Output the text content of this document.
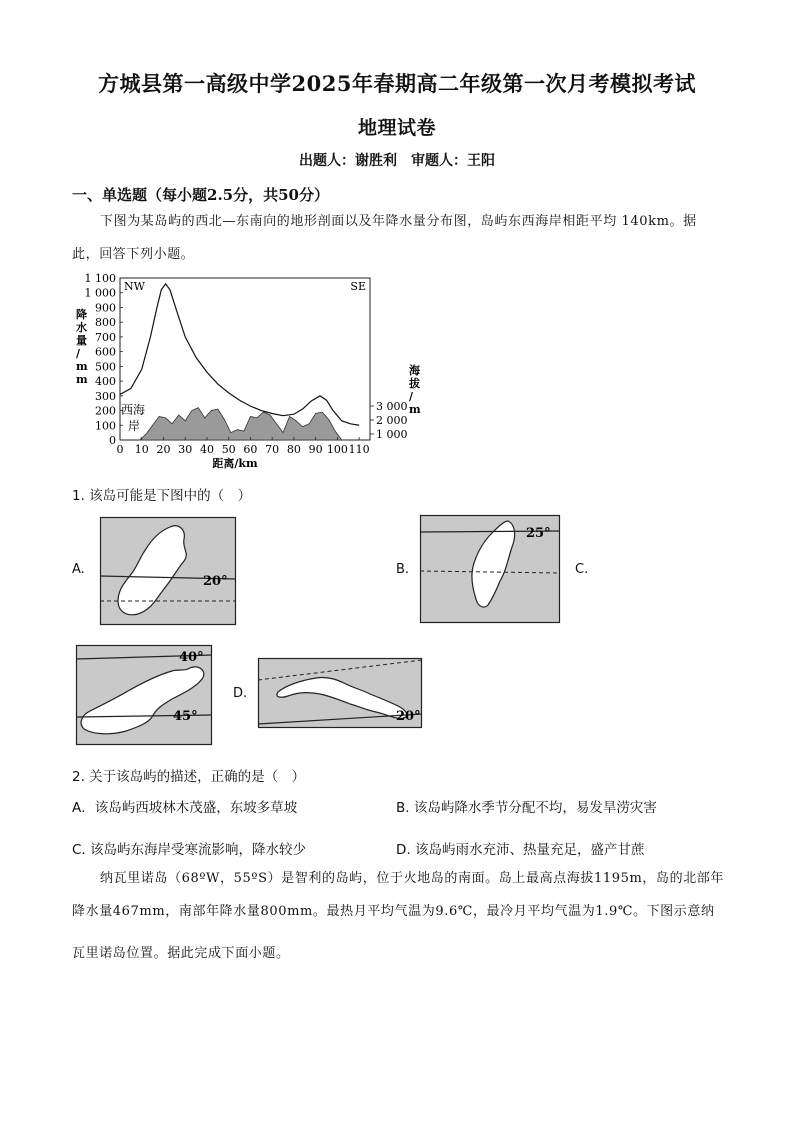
方城县第一高级中学2025年春期高二年级第一次月考模拟考试
地理试卷
出题人：谢胜利　审题人：王阳
一、单选题（每小题2.5分，共50分）
下图为某岛屿的西北—东南向的地形剖面以及年降水量分布图，岛屿东西海岸相距平均 140km。据
此，回答下列小题。
0 10 20 30 40 50 60 70 80 90 100 110
距离/km
0
100
200
300
400
500
600
700
800
900
1 000
1 100
降水量/ m m
1 000
2 000
3 000
海拔/ m
NW	SE
西海
岸
1. 该岛可能是下图中的（　）
A.
20°
B.
25°
C.
40°
45°
D.
20°
2. 关于该岛屿的描述，正确的是（　）
A．该岛屿西坡林木茂盛，东坡多草坡	B. 该岛屿降水季节分配不均，易发旱涝灾害
C. 该岛屿东海岸受寒流影响，降水较少	D. 该岛屿雨水充沛、热量充足，盛产甘蔗
纳瓦里诺岛（68ºW，55ºS）是智利的岛屿，位于火地岛的南面。岛上最高点海拔1195m，岛的北部年
降水量467mm，南部年降水量800mm。最热月平均气温为9.6℃，最冷月平均气温为1.9℃。下图示意纳
瓦里诺岛位置。据此完成下面小题。
